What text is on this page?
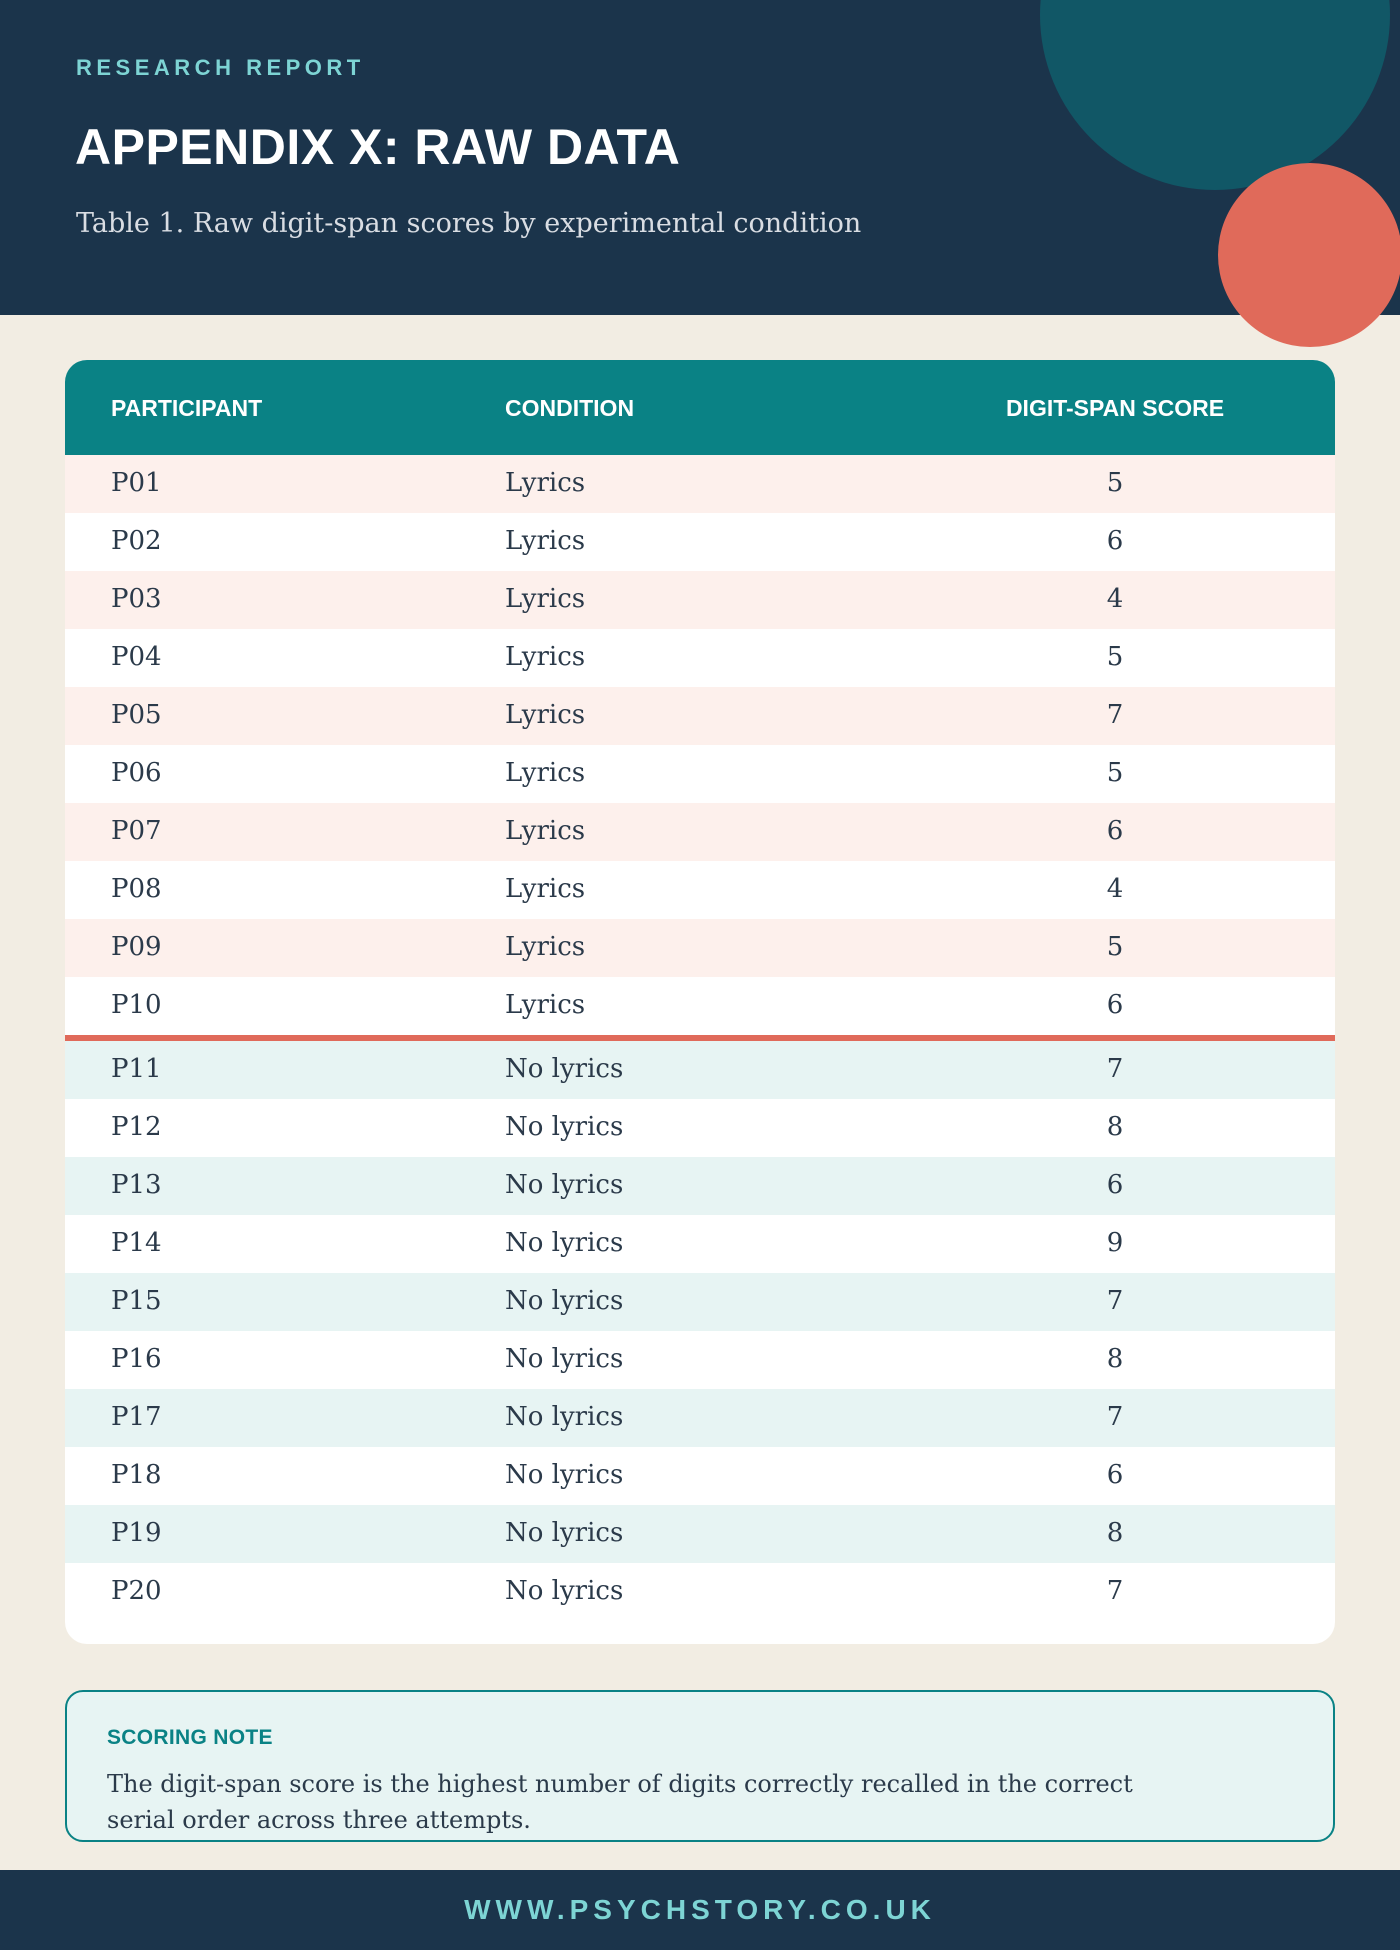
RESEARCH REPORT
APPENDIX X: RAW DATA
Table 1. Raw digit-span scores by experimental condition
PARTICIPANT	CONDITION	DIGIT-SPAN SCORE
P01	Lyrics	5
P02	Lyrics	6
P03	Lyrics	4
P04	Lyrics	5
P05	Lyrics	7
P06	Lyrics	5
P07	Lyrics	6
P08	Lyrics	4
P09	Lyrics	5
P10	Lyrics	6
P11	No lyrics	7
P12	No lyrics	8
P13	No lyrics	6
P14	No lyrics	9
P15	No lyrics	7
P16	No lyrics	8
P17	No lyrics	7
P18	No lyrics	6
P19	No lyrics	8
P20	No lyrics	7
SCORING NOTE
The digit-span score is the highest number of digits correctly recalled in the correct serial order across three attempts.
WWW.PSYCHSTORY.CO.UK
